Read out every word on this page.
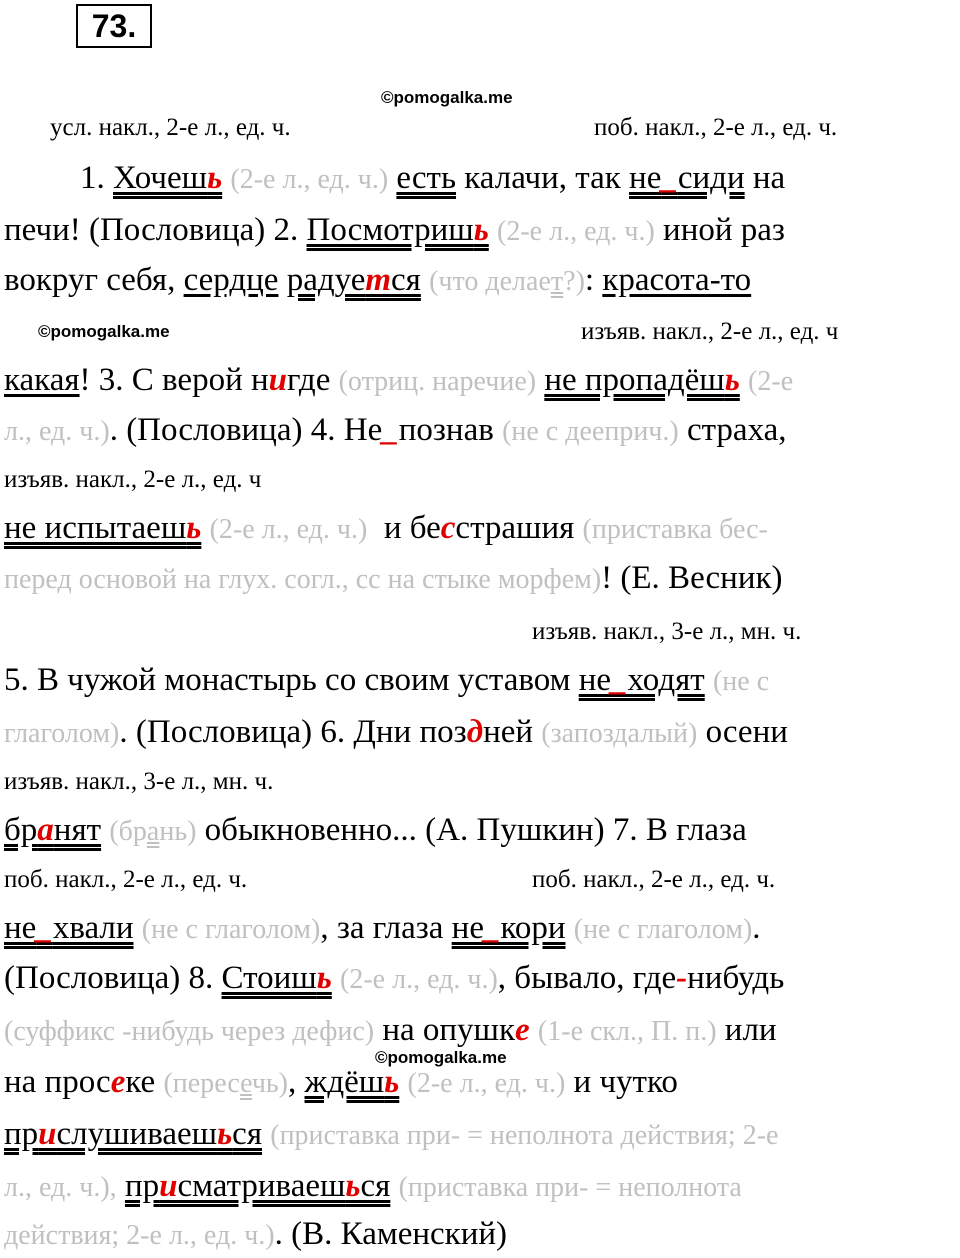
73.
©pomogalka.me
©pomogalka.me
©pomogalka.me
усл. накл., 2-е л., ед. ч.	поб. накл., 2-е л., ед. ч.
изъяв. накл., 2-е л., ед. ч
изъяв. накл., 2-е л., ед. ч
изъяв. накл., 3-е л., мн. ч.
изъяв. накл., 3-е л., мн. ч.
поб. накл., 2-е л., ед. ч.	поб. накл., 2-е л., ед. ч.
1. Хочешь (2-е л., ед. ч.) есть калачи, так не_сиди на
печи! (Пословица) 2. Посмотришь (2-е л., ед. ч.) иной раз
вокруг себя, сердце радуется (что делает?): красота-то
какая! 3. С верой нигде (отриц. наречие) не пропадёшь (2-е
л., ед. ч.). (Пословица) 4. Не_познав (не с деeприч.) страха,
не испытаешь (2-е л., ед. ч.) и бесстрашия (приставка бес-
перед основой на глух. согл., сс на стыке морфем)! (Е. Весник)
5. В чужой монастырь со своим уставом не_ходят (не с
глаголом). (Пословица) 6. Дни поздней (запоздалый) осени
бранят (брань) обыкновенно... (А. Пушкин) 7. В глаза
не_хвали (не с глаголом), за глаза не_кори (не с глаголом).
(Пословица) 8. Стоишь (2-е л., ед. ч.), бывало, где-нибудь
(суффикс -нибудь через дефис) на опушке (1-е скл., П. п.) или
на просеке (пересечь), ждёшь (2-е л., ед. ч.) и чутко
прислушиваешься (приставка при- = неполнота действия; 2-е
л., ед. ч.), присматриваешься (приставка при- = неполнота
действия; 2-е л., ед. ч.). (В. Каменский)
